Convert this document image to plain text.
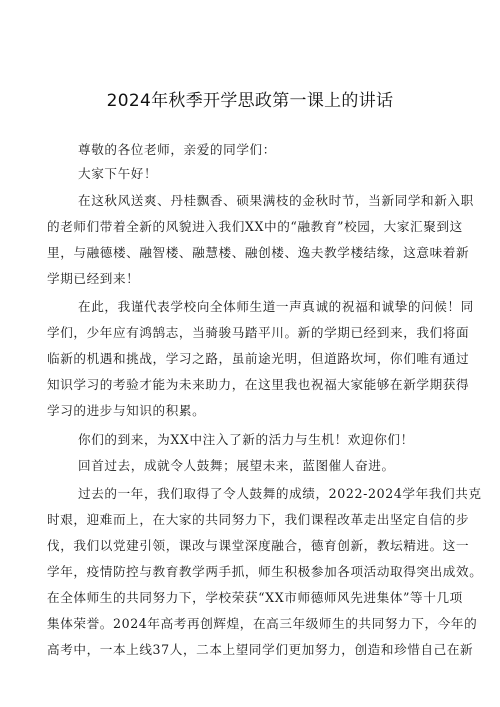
2024年秋季开学思政第一课上的讲话
尊敬的各位老师，亲爱的同学们：
大家下午好！
在这秋风送爽、丹桂飘香、硕果满枝的金秋时节，当新同学和新入职
的老师们带着全新的风貌进入我们XX中的“融教育”校园，大家汇聚到这
里，与融德楼、融智楼、融慧楼、融创楼、逸夫教学楼结缘，这意味着新
学期已经到来！
在此，我谨代表学校向全体师生道一声真诚的祝福和诚挚的问候！同
学们，少年应有鸿鹄志，当骑骏马踏平川。新的学期已经到来，我们将面
临新的机遇和挑战，学习之路，虽前途光明，但道路坎坷，你们唯有通过
知识学习的考验才能为未来助力，在这里我也祝福大家能够在新学期获得
学习的进步与知识的积累。
你们的到来，为XX中注入了新的活力与生机！欢迎你们！
回首过去，成就令人鼓舞；展望未来，蓝图催人奋进。
过去的一年，我们取得了令人鼓舞的成绩，2022-2024学年我们共克
时艰，迎难而上，在大家的共同努力下，我们课程改革走出坚定自信的步
伐，我们以党建引领，课改与课堂深度融合，德育创新，教坛精进。这一
学年，疫情防控与教育教学两手抓，师生积极参加各项活动取得突出成效。
在全体师生的共同努力下，学校荣获“XX市师德师风先进集体”等十几项
集体荣誉。2024年高考再创辉煌，在高三年级师生的共同努力下，今年的
高考中，一本上线37人，二本上望同学们更加努力，创造和珍惜自己在新
